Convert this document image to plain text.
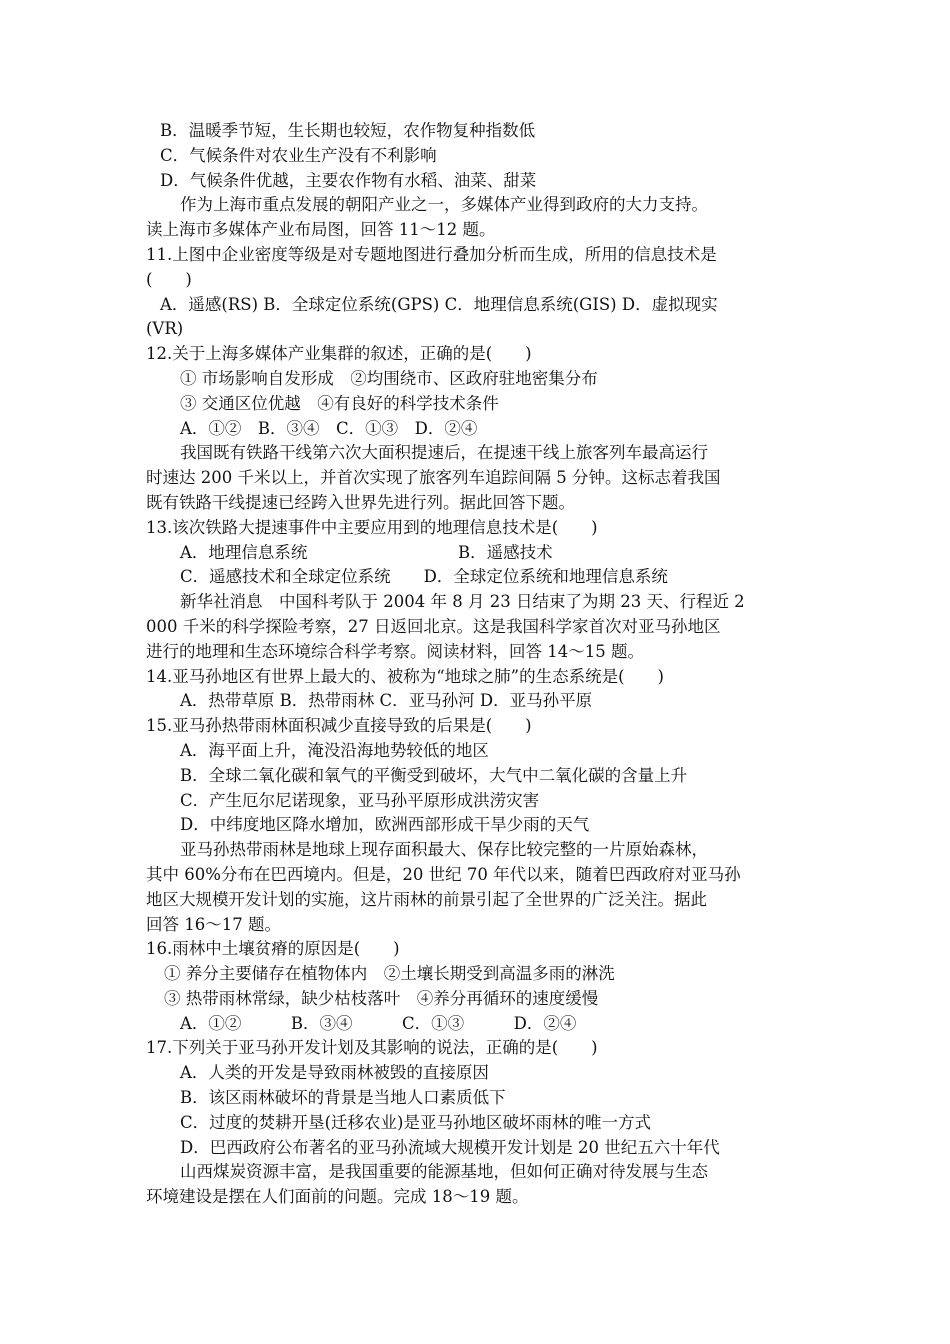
B．温暖季节短，生长期也较短，农作物复种指数低
C．气候条件对农业生产没有不利影响
D．气候条件优越，主要农作物有水稻、油菜、甜菜
作为上海市重点发展的朝阳产业之一，多媒体产业得到政府的大力支持。
读上海市多媒体产业布局图，回答 11～12 题。
11.上图中企业密度等级是对专题地图进行叠加分析而生成，所用的信息技术是
(　　)
A．遥感(RS) B．全球定位系统(GPS) C．地理信息系统(GIS) D．虚拟现实
(VR)
12.关于上海多媒体产业集群的叙述，正确的是(　　)
① 市场影响自发形成　②均围绕市、区政府驻地密集分布
③ 交通区位优越　④有良好的科学技术条件
A．①②　B．③④　C．①③　D．②④
我国既有铁路干线第六次大面积提速后，在提速干线上旅客列车最高运行
时速达 200 千米以上，并首次实现了旅客列车追踪间隔 5 分钟。这标志着我国
既有铁路干线提速已经跨入世界先进行列。据此回答下题。
13.该次铁路大提速事件中主要应用到的地理信息技术是(　　)
A．地理信息系统	B．遥感技术
C．遥感技术和全球定位系统　　D．全球定位系统和地理信息系统
新华社消息　中国科考队于 2004 年 8 月 23 日结束了为期 23 天、行程近 2
000 千米的科学探险考察，27 日返回北京。这是我国科学家首次对亚马孙地区
进行的地理和生态环境综合科学考察。阅读材料，回答 14～15 题。
14.亚马孙地区有世界上最大的、被称为“地球之肺”的生态系统是(　　)
A．热带草原 B．热带雨林 C．亚马孙河 D．亚马孙平原
15.亚马孙热带雨林面积减少直接导致的后果是(　　)
A．海平面上升，淹没沿海地势较低的地区
B．全球二氧化碳和氧气的平衡受到破坏，大气中二氧化碳的含量上升
C．产生厄尔尼诺现象，亚马孙平原形成洪涝灾害
D．中纬度地区降水增加，欧洲西部形成干旱少雨的天气
亚马孙热带雨林是地球上现存面积最大、保存比较完整的一片原始森林，
其中 60%分布在巴西境内。但是，20 世纪 70 年代以来，随着巴西政府对亚马孙
地区大规模开发计划的实施，这片雨林的前景引起了全世界的广泛关注。据此
回答 16～17 题。
16.雨林中土壤贫瘠的原因是(　　)
① 养分主要储存在植物体内　②土壤长期受到高温多雨的淋洗
③ 热带雨林常绿，缺少枯枝落叶　④养分再循环的速度缓慢
A．①②　　　B．③④　　　C．①③　　　D．②④
17.下列关于亚马孙开发计划及其影响的说法，正确的是(　　)
A．人类的开发是导致雨林被毁的直接原因
B．该区雨林破坏的背景是当地人口素质低下
C．过度的焚耕开垦(迁移农业)是亚马孙地区破坏雨林的唯一方式
D．巴西政府公布著名的亚马孙流域大规模开发计划是 20 世纪五六十年代
山西煤炭资源丰富，是我国重要的能源基地，但如何正确对待发展与生态
环境建设是摆在人们面前的问题。完成 18～19 题。
